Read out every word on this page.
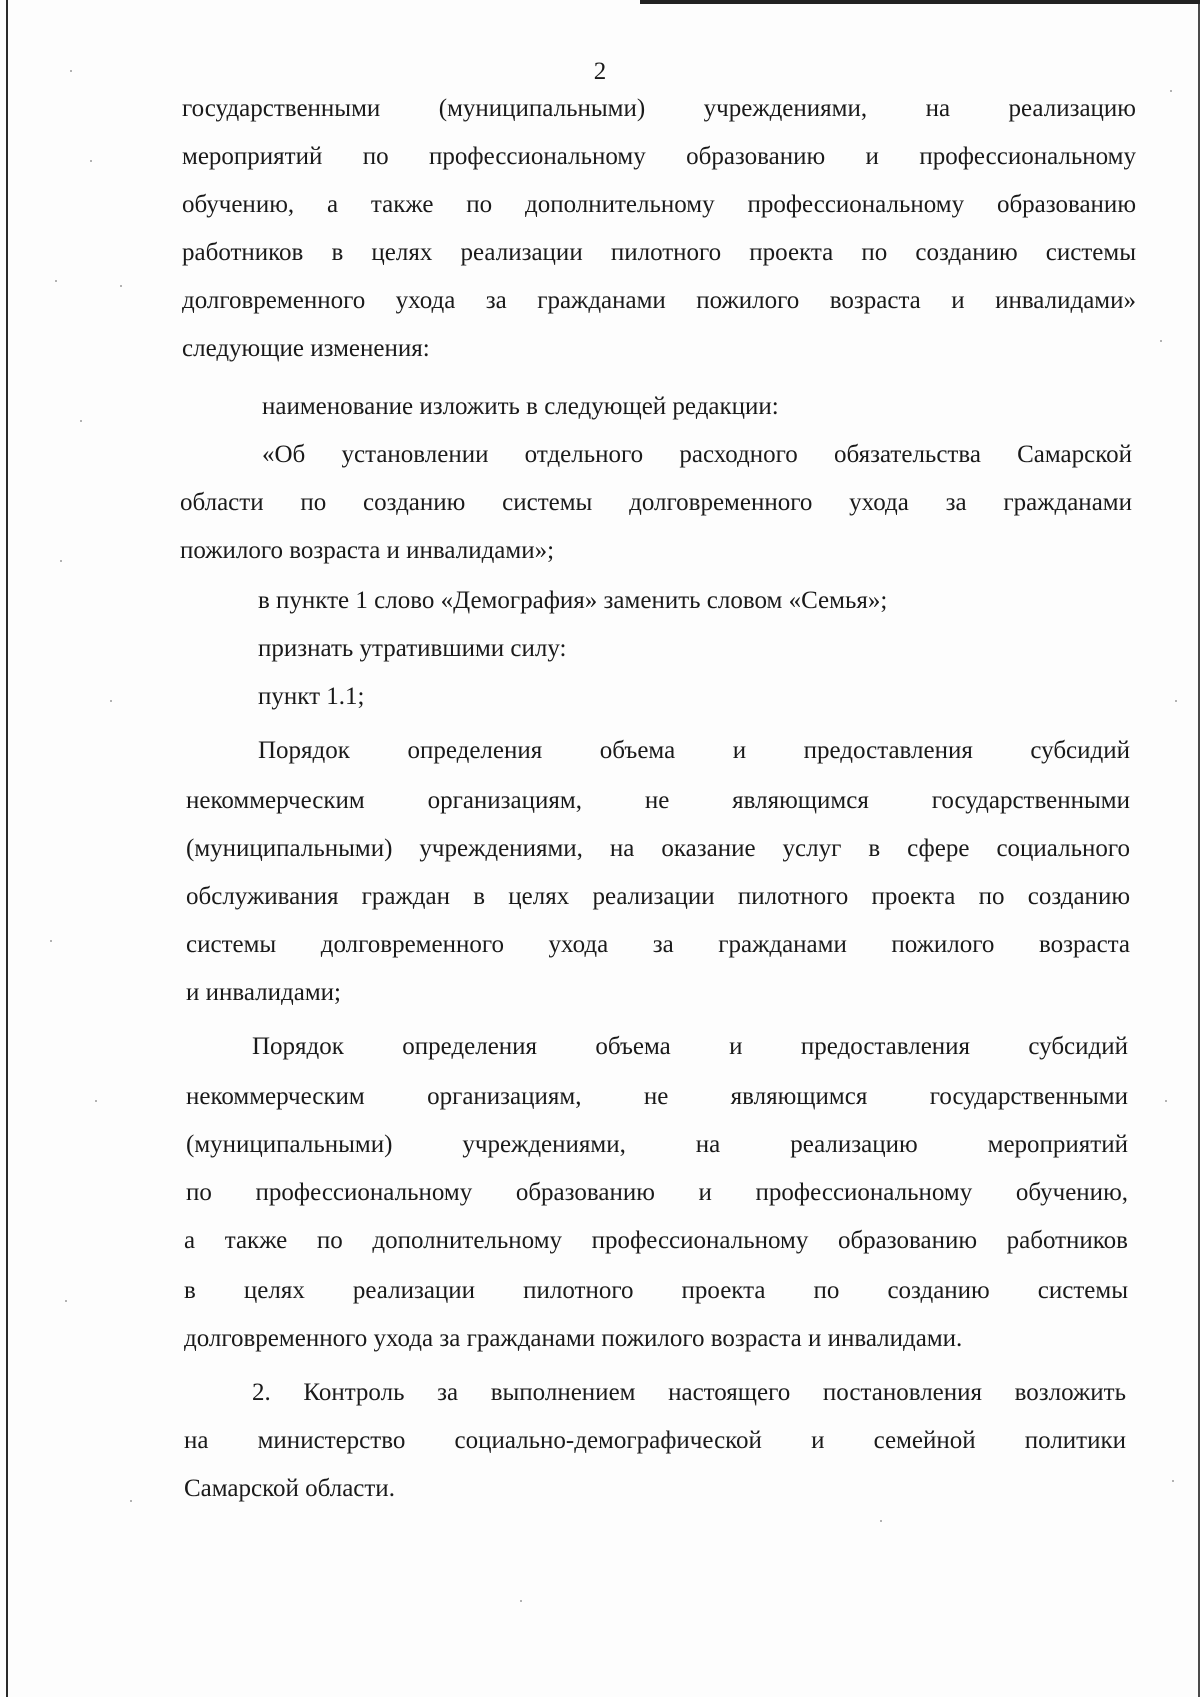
2
государственными (муниципальными) учреждениями, на реализацию
мероприятий по профессиональному образованию и профессиональному
обучению, а также по дополнительному профессиональному образованию
работников в целях реализации пилотного проекта по созданию системы
долговременного ухода за гражданами пожилого возраста и инвалидами»
следующие изменения:
наименование изложить в следующей редакции:
«Об установлении отдельного расходного обязательства Самарской
области по созданию системы долговременного ухода за гражданами
пожилого возраста и инвалидами»;
в пункте 1 слово «Демография» заменить словом «Семья»;
признать утратившими силу:
пункт 1.1;
Порядок определения объема и предоставления субсидий
некоммерческим организациям, не являющимся государственными
(муниципальными) учреждениями, на оказание услуг в сфере социального
обслуживания граждан в целях реализации пилотного проекта по созданию
системы долговременного ухода за гражданами пожилого возраста
и инвалидами;
Порядок определения объема и предоставления субсидий
некоммерческим организациям, не являющимся государственными
(муниципальными) учреждениями, на реализацию мероприятий
по профессиональному образованию и профессиональному обучению,
а также по дополнительному профессиональному образованию работников
в целях реализации пилотного проекта по созданию системы
долговременного ухода за гражданами пожилого возраста и инвалидами.
2. Контроль за выполнением настоящего постановления возложить
на министерство социально-демографической и семейной политики
Самарской области.
